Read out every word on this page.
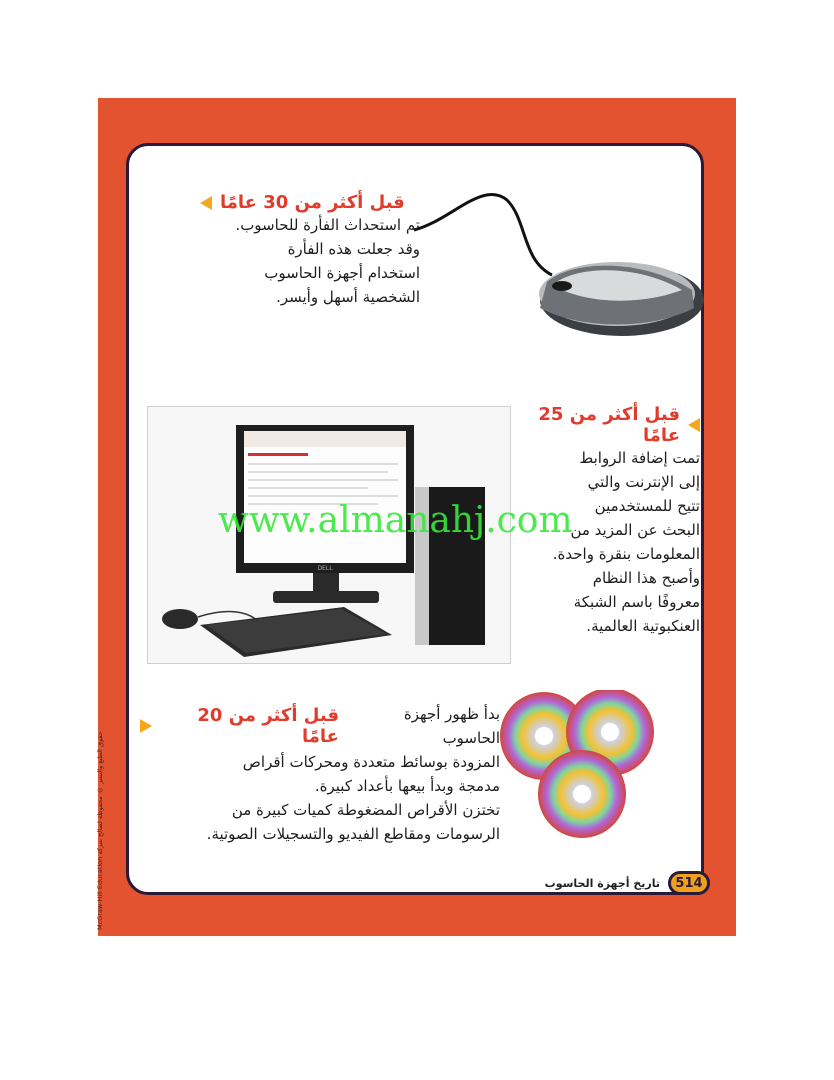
McGraw-Hill Education حقوق الطبع والنشر © محفوظة لصالح شركة
قبل أكثر من 30 عامًا
تم استحداث الفأرة للحاسوب.
وقد جعلت هذه الفأرة
استخدام أجهزة الحاسوب
الشخصية أسهل وأيسر.
DELL
قبل أكثر من 25 عامًا
تمت إضافة الروابط
إلى الإنترنت والتي
تتيح للمستخدمين
البحث عن المزيد من
المعلومات بنقرة واحدة.
وأصبح هذا النظام
معروفًا باسم الشبكة
العنكبوتية العالمية.
قبل أكثر من 20 عامًا
بدأ ظهور أجهزة الحاسوب
المزودة بوسائط متعددة ومحركات أقراص
مدمجة وبدأ بيعها بأعداد كبيرة.
تختزن الأقراص المضغوطة كميات كبيرة من
الرسومات ومقاطع الفيديو والتسجيلات الصوتية.
514
تاريخ أجهزة الحاسوب
www.almanahj.com
